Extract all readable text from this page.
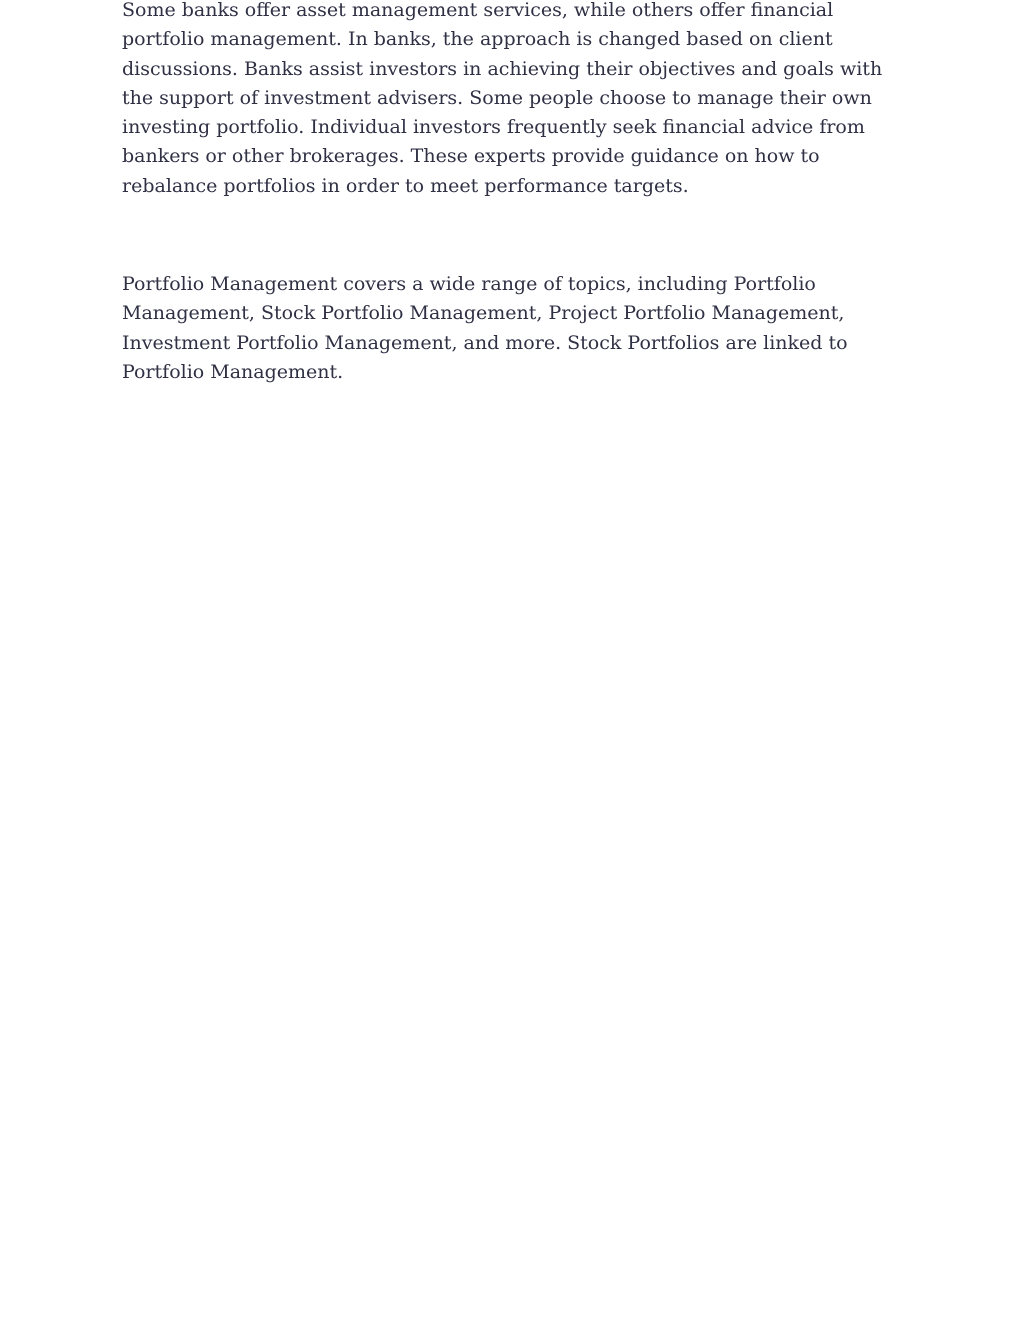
Some banks offer asset management services, while others offer financial portfolio management. In banks, the approach is changed based on client discussions. Banks assist investors in achieving their objectives and goals with the support of investment advisers. Some people choose to manage their own investing portfolio. Individual investors frequently seek financial advice from bankers or other brokerages. These experts provide guidance on how to rebalance portfolios in order to meet performance targets.

Portfolio Management covers a wide range of topics, including Portfolio Management, Stock Portfolio Management, Project Portfolio Management, Investment Portfolio Management, and more. Stock Portfolios are linked to Portfolio Management.
